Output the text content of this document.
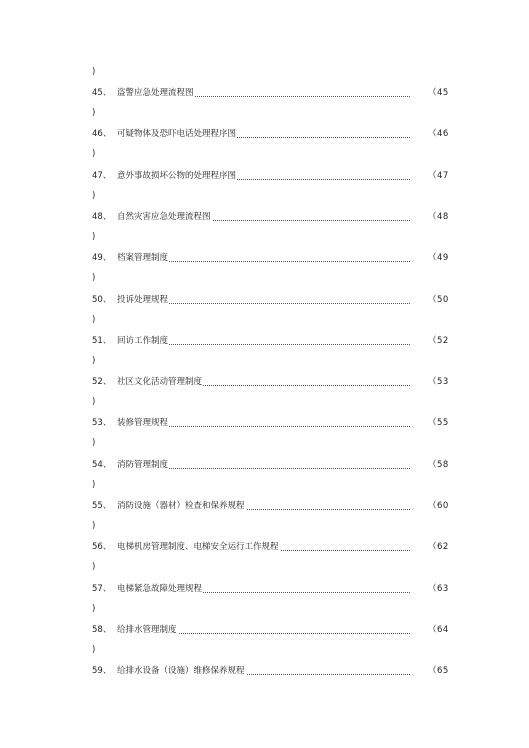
)
45、 盗警应急处理流程图	（45
)
46、 可疑物体及恐吓电话处理程序图	（46
)
47、 意外事故损坏公物的处理程序图	（47
)
48、 自然灾害应急处理流程图	（48
)
49、 档案管理制度	（49
)
50、 投诉处理规程	（50
)
51、 回访工作制度	（52
)
52、 社区文化活动管理制度	（53
)
53、 装修管理规程	（55
)
54、 消防管理制度	（58
)
55、 消防设施（器材）检查和保养规程	（60
)
56、 电梯机房管理制度、电梯安全运行工作规程	（62
)
57、 电梯紧急故障处理规程	（63
)
58、 给排水管理制度	（64
)
59、 给排水设备（设施）维修保养规程	（65
